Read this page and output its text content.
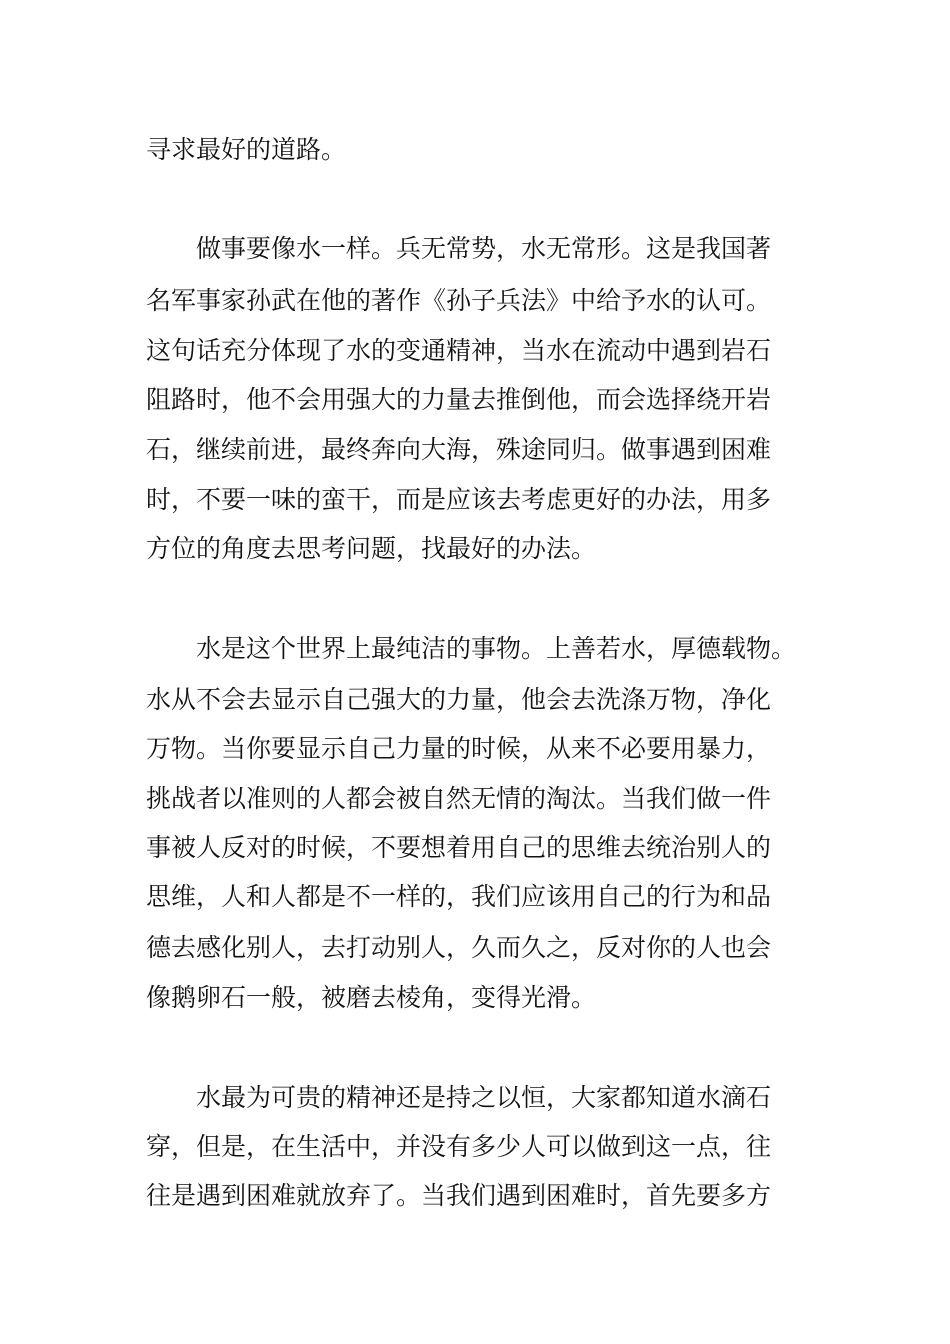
寻求最好的道路。

　　做事要像水一样。兵无常势，水无常形。这是我国著

名军事家孙武在他的著作《孙子兵法》中给予水的认可。

这句话充分体现了水的变通精神，当水在流动中遇到岩石

阻路时，他不会用强大的力量去推倒他，而会选择绕开岩

石，继续前进，最终奔向大海，殊途同归。做事遇到困难

时，不要一味的蛮干，而是应该去考虑更好的办法，用多

方位的角度去思考问题，找最好的办法。

　　水是这个世界上最纯洁的事物。上善若水，厚德载物。

水从不会去显示自己强大的力量，他会去洗涤万物，净化

万物。当你要显示自己力量的时候，从来不必要用暴力，

挑战者以准则的人都会被自然无情的淘汰。当我们做一件

事被人反对的时候，不要想着用自己的思维去统治别人的

思维，人和人都是不一样的，我们应该用自己的行为和品

德去感化别人，去打动别人，久而久之，反对你的人也会

像鹅卵石一般，被磨去棱角，变得光滑。

　　水最为可贵的精神还是持之以恒，大家都知道水滴石

穿，但是，在生活中，并没有多少人可以做到这一点，往

往是遇到困难就放弃了。当我们遇到困难时，首先要多方
